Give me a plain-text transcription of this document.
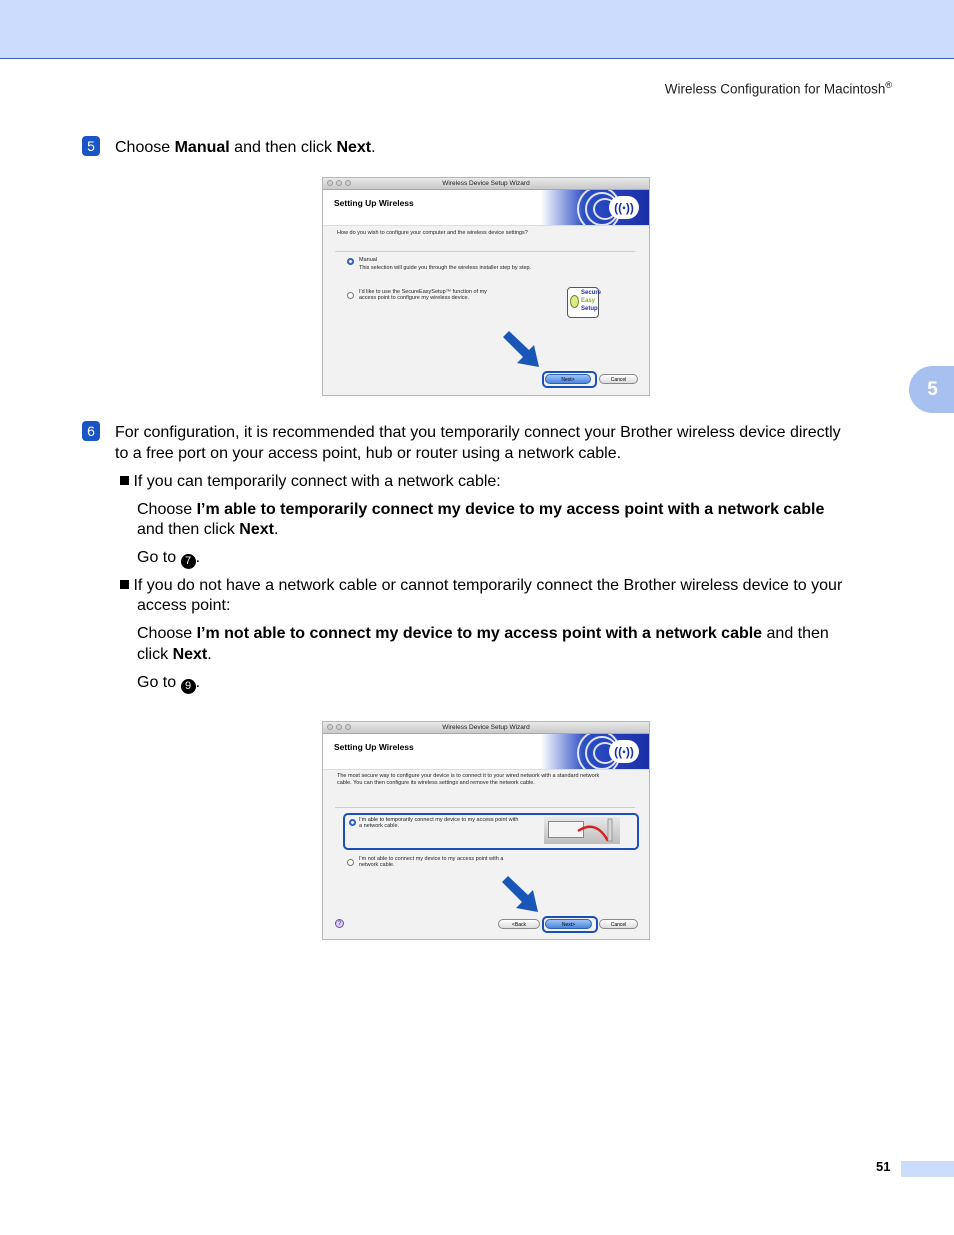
Wireless Configuration for Macintosh®
5
5	Choose Manual and then click Next.
Wireless Device Setup Wizard
Setting Up Wireless	((ꞏ))
How do you wish to configure your computer and the wireless device settings?
Manual
This selection will guide you through the wireless installer step by step.
I'd like to use the SecureEasySetup™ function of my
access point to configure my wireless device.
Secure
Easy
Setup
Next>	Cancel
6	For configuration, it is recommended that you temporarily connect your Brother wireless device directly
to a free port on your access point, hub or router using a network cable.
If you can temporarily connect with a network cable:
Choose I’m able to temporarily connect my device to my access point with a network cable
and then click Next.
Go to 7 .
If you do not have a network cable or cannot temporarily connect the Brother wireless device to your
access point:
Choose I’m not able to connect my device to my access point with a network cable and then
click Next.
Go to 9 .
Wireless Device Setup Wizard
Setting Up Wireless	((ꞏ))
The most secure way to configure your device is to connect it to your wired network with a standard network
cable. You can then configure its wireless settings and remove the network cable.
I'm able to temporarily connect my device to my access point with
a network cable.
I'm not able to connect my device to my access point with a
network cable.
?	<Back	Next>	Cancel
51
